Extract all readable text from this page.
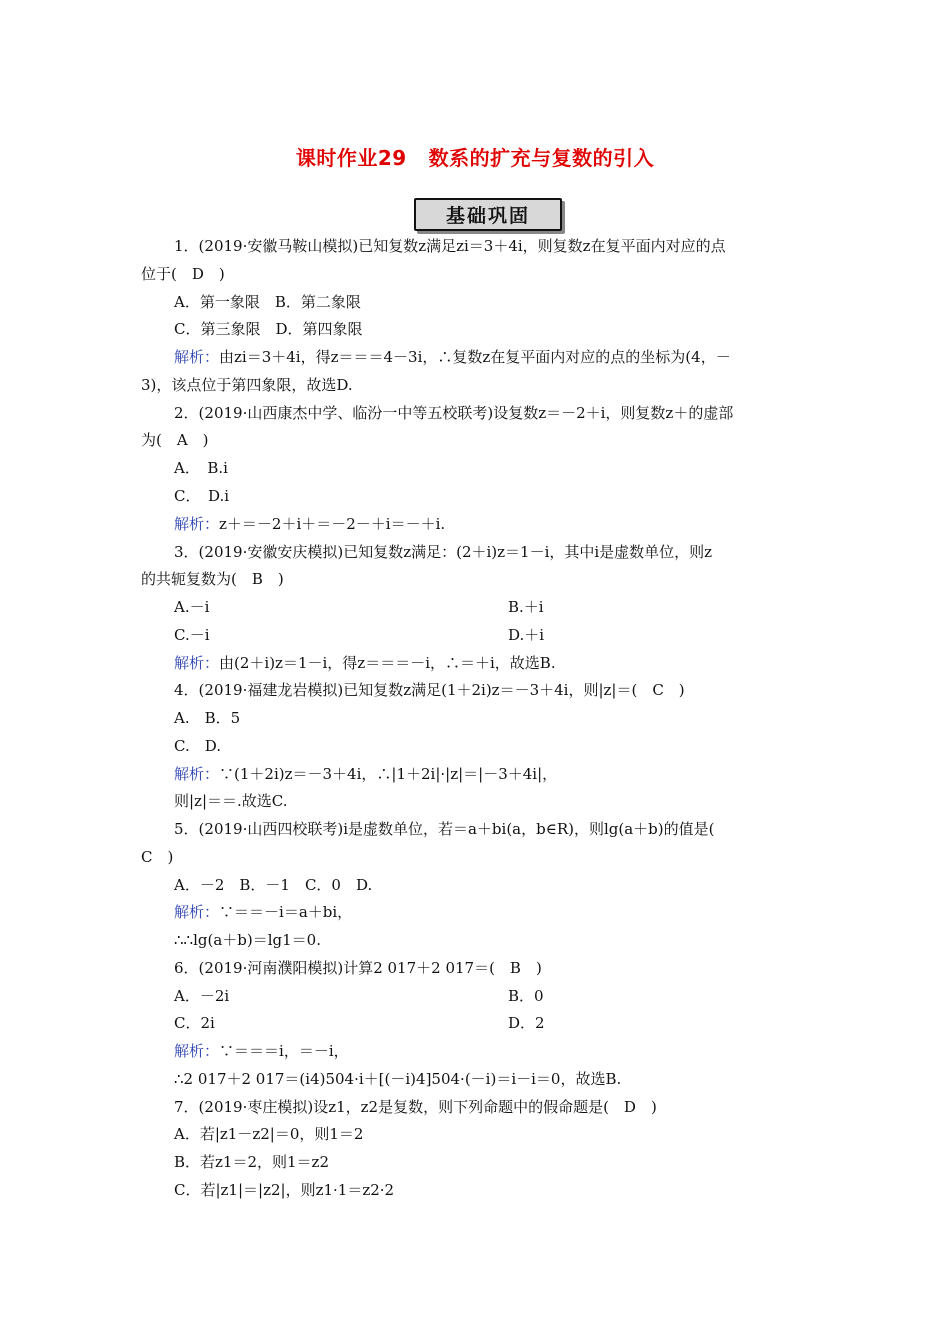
课时作业29 数系的扩充与复数的引入
基础巩固
1．(2019·安徽马鞍山模拟)已知复数z满足zi＝3＋4i，则复数z在复平面内对应的点
位于(　D　)
A．第一象限　B．第二象限
C．第三象限　D．第四象限
解析：由zi＝3＋4i，得z＝＝＝4－3i，∴复数z在复平面内对应的点的坐标为(4，－
3)，该点位于第四象限，故选D.
2．(2019·山西康杰中学、临汾一中等五校联考)设复数z＝－2＋i，则复数z＋的虚部
为(　A　)
A．　B.i
C．　D.i
解析：z＋＝－2＋i＋＝－2－＋i＝－＋i.
3．(2019·安徽安庆模拟)已知复数z满足：(2＋i)z＝1－i，其中i是虚数单位，则z
的共轭复数为(　B　)
A.－i	B.＋i
C.－i	D.＋i
解析：由(2＋i)z＝1－i，得z＝＝＝－i，∴＝＋i，故选B.
4．(2019·福建龙岩模拟)已知复数z满足(1＋2i)z＝－3＋4i，则|z|＝(　C　)
A.　B．5
C.　D.
解析：∵(1＋2i)z＝－3＋4i，∴|1＋2i|·|z|＝|－3＋4i|，
则|z|＝＝.故选C.
5．(2019·山西四校联考)i是虚数单位，若＝a＋bi(a，b∈R)，则lg(a＋b)的值是(
C　)
A．－2　B．－1　C．0　D.
解析：∵＝＝－i＝a＋bi，
∴∴lg(a＋b)＝lg1＝0.
6．(2019·河南濮阳模拟)计算2 017＋2 017＝(　B　)
A．－2i	B．0
C．2i	D．2
解析：∵＝＝＝i，＝－i，
∴2 017＋2 017＝(i4)504·i＋[(－i)4]504·(－i)＝i－i＝0，故选B.
7．(2019·枣庄模拟)设z1，z2是复数，则下列命题中的假命题是(　D　)
A．若|z1－z2|＝0，则1＝2
B．若z1＝2，则1＝z2
C．若|z1|＝|z2|，则z1·1＝z2·2
